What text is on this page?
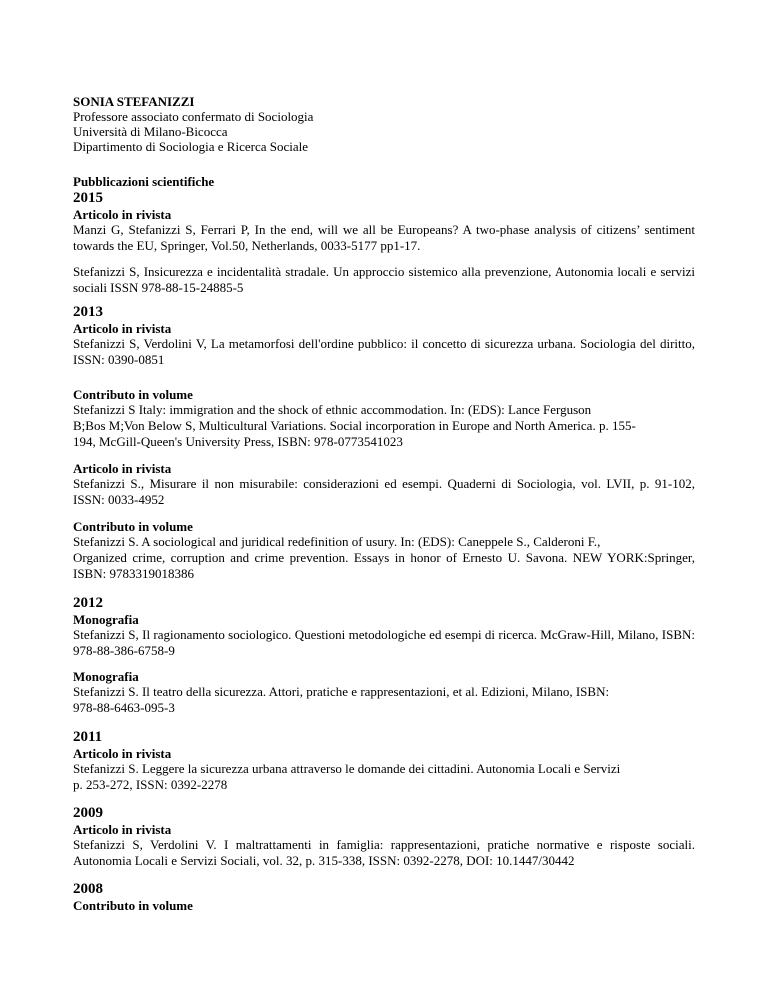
SONIA STEFANIZZI
Professore associato confermato di Sociologia
Università di Milano-Bicocca
Dipartimento di Sociologia e Ricerca Sociale
Pubblicazioni scientifiche
2015
Articolo in rivista
Manzi G, Stefanizzi S, Ferrari P, In the end, will we all be Europeans? A two-phase analysis of citizens’ sentiment towards the EU, Springer, Vol.50, Netherlands, 0033-5177 pp1-17.
Stefanizzi S, Insicurezza e incidentalità stradale. Un approccio sistemico alla prevenzione, Autonomia locali e servizi sociali ISSN 978-88-15-24885-5
2013
Articolo in rivista
Stefanizzi S, Verdolini V, La metamorfosi dell'ordine pubblico: il concetto di sicurezza urbana. Sociologia del diritto, ISSN: 0390-0851
Contributo in volume
Stefanizzi S Italy: immigration and the shock of ethnic accommodation. In: (EDS): Lance Ferguson
B;Bos M;Von Below S, Multicultural Variations. Social incorporation in Europe and North America. p. 155-
194, McGill-Queen's University Press, ISBN: 978-0773541023
Articolo in rivista
Stefanizzi S., Misurare il non misurabile: considerazioni ed esempi. Quaderni di Sociologia, vol. LVII, p. 91-102, ISSN: 0033-4952
Contributo in volume
Stefanizzi S. A sociological and juridical redefinition of usury. In: (EDS): Caneppele S., Calderoni F.,
Organized crime, corruption and crime prevention. Essays in honor of Ernesto U. Savona. NEW YORK:Springer, ISBN: 9783319018386
2012
Monografia
Stefanizzi S, Il ragionamento sociologico. Questioni metodologiche ed esempi di ricerca. McGraw-Hill, Milano, ISBN: 978-88-386-6758-9
Monografia
Stefanizzi S. Il teatro della sicurezza. Attori, pratiche e rappresentazioni, et al. Edizioni, Milano, ISBN:
978-88-6463-095-3
2011
Articolo in rivista
Stefanizzi S. Leggere la sicurezza urbana attraverso le domande dei cittadini. Autonomia Locali e Servizi
p. 253-272, ISSN: 0392-2278
2009
Articolo in rivista
Stefanizzi S, Verdolini V. I maltrattamenti in famiglia: rappresentazioni, pratiche normative e risposte sociali. Autonomia Locali e Servizi Sociali, vol. 32, p. 315-338, ISSN: 0392-2278, DOI: 10.1447/30442
2008
Contributo in volume
